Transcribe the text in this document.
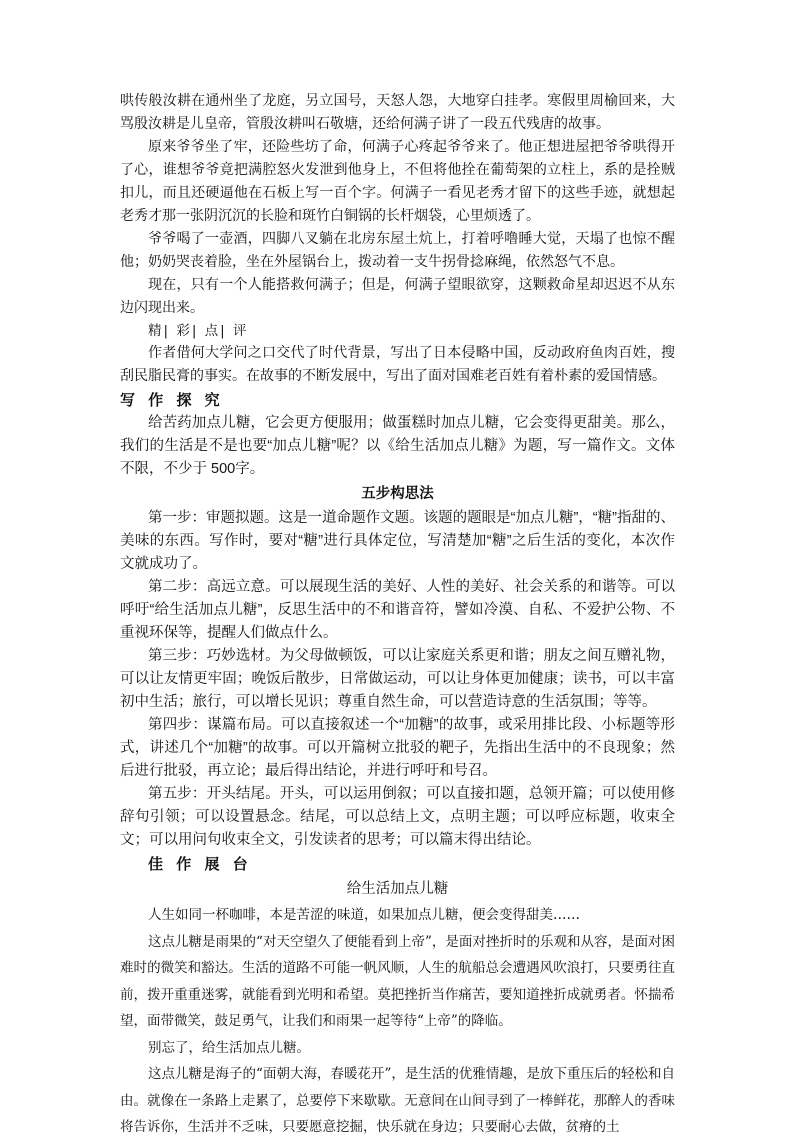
哄传般汝耕在通州坐了龙庭，另立国号，天怒人怨，大地穿白挂孝。寒假里周榆回来，大骂殷汝耕是儿皇帝，管殷汝耕叫石敬塘，还给何满子讲了一段五代残唐的故事。

原来爷爷坐了牢，还险些坊了命，何满子心疼起爷爷来了。他正想进屋把爷爷哄得开了心，谁想爷爷竟把满腔怒火发泄到他身上，不但将他拴在葡萄架的立柱上，系的是拴贼扣儿，而且还硬逼他在石板上写一百个字。何满子一看见老秀才留下的这些手迹，就想起老秀才那一张阴沉沉的长脸和斑竹白铜锅的长杆烟袋，心里烦透了。

爷爷喝了一壶酒，四脚八叉躺在北房东屋土炕上，打着呼噜睡大觉，天塌了也惊不醒他；奶奶哭丧着脸，坐在外屋锅台上，拨动着一支牛拐骨捻麻绳，依然怒气不息。

现在，只有一个人能搭救何满子；但是，何满子望眼欲穿，这颗救命星却迟迟不从东边闪现出来。

精| 彩| 点| 评

作者借何大学问之口交代了时代背景，写出了日本侵略中国，反动政府鱼肉百姓，搜刮民脂民膏的事实。在故事的不断发展中，写出了面对国难老百姓有着朴素的爱国情感。

写 作 探 究

给苦药加点儿糖，它会更方便服用；做蛋糕时加点儿糖，它会变得更甜美。那么，我们的生活是不是也要“加点儿糖”呢？以《给生活加点儿糖》为题，写一篇作文。文体不限，不少于 500字。

五步构思法

第一步：审题拟题。这是一道命题作文题。该题的题眼是“加点儿糖”，“糖”指甜的、美味的东西。写作时，要对“糖”进行具体定位，写清楚加“糖”之后生活的变化，本次作文就成功了。

第二步：高远立意。可以展现生活的美好、人性的美好、社会关系的和谐等。可以呼吁“给生活加点儿糖”，反思生活中的不和谐音符，譬如冷漠、自私、不爱护公物、不重视环保等，提醒人们做点什么。

第三步：巧妙选材。为父母做顿饭，可以让家庭关系更和谐；朋友之间互赠礼物，可以让友情更牢固；晚饭后散步，日常做运动，可以让身体更加健康；读书，可以丰富初中生活；旅行，可以增长见识；尊重自然生命，可以营造诗意的生活氛围；等等。

第四步：谋篇布局。可以直接叙述一个“加糖”的故事，或采用排比段、小标题等形式，讲述几个“加糖”的故事。可以开篇树立批驳的靶子，先指出生活中的不良现象；然后进行批驳，再立论；最后得出结论，并进行呼吁和号召。

第五步：开头结尾。开头，可以运用倒叙；可以直接扣题，总领开篇；可以使用修辞句引领；可以设置悬念。结尾，可以总结上文，点明主题；可以呼应标题，收束全文；可以用问句收束全文，引发读者的思考；可以篇末得出结论。

佳 作 展 台

给生活加点儿糖

人生如同一杯咖啡，本是苦涩的味道，如果加点儿糖，便会变得甜美……

这点儿糖是雨果的“对天空望久了便能看到上帝”，是面对挫折时的乐观和从容，是面对困难时的微笑和豁达。生活的道路不可能一帆风顺，人生的航船总会遭遇风吹浪打，只要勇往直前，拨开重重迷雾，就能看到光明和希望。莫把挫折当作痛苦，要知道挫折成就勇者。怀揣希望，面带微笑，鼓足勇气，让我们和雨果一起等待“上帝”的降临。

别忘了，给生活加点儿糖。

这点儿糖是海子的“面朝大海，春暖花开”，是生活的优雅情趣，是放下重压后的轻松和自由。就像在一条路上走累了，总要停下来歇歇。无意间在山间寻到了一棒鲜花，那醉人的香味将告诉你，生活并不乏味，只要愿意挖掘，快乐就在身边；只要耐心去做，贫瘠的土
